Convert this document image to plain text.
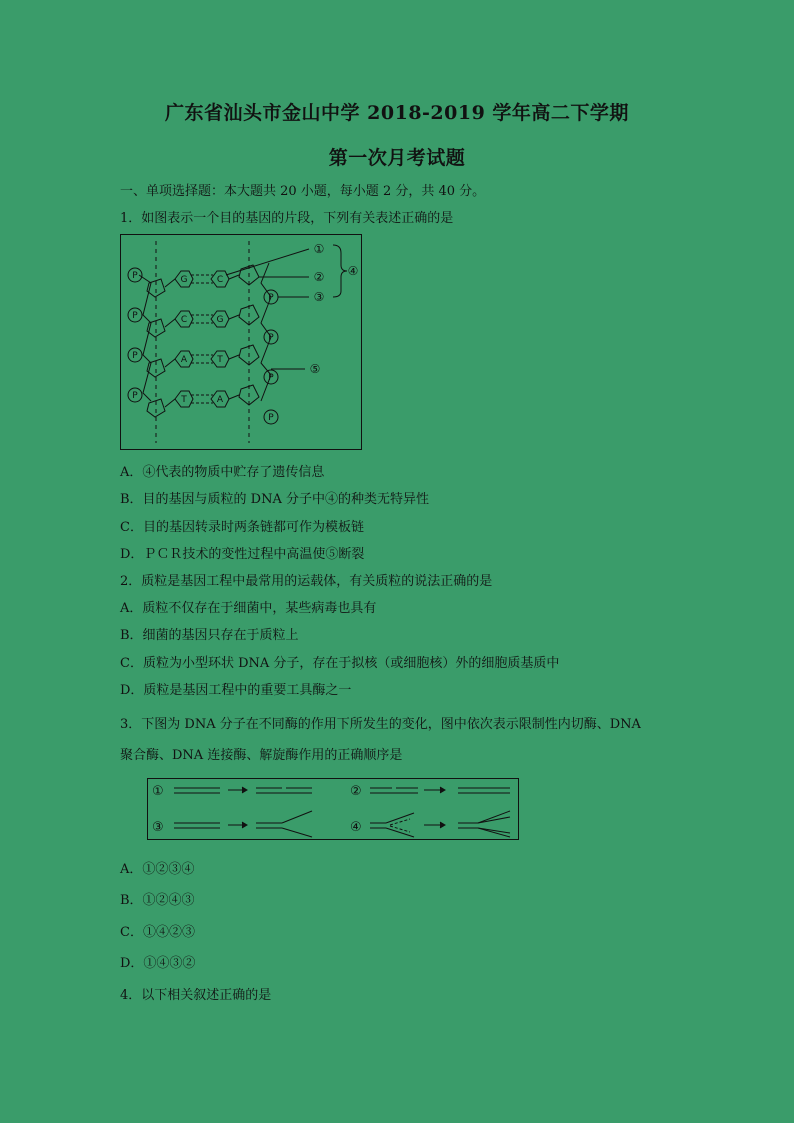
广东省汕头市金山中学 2018-2019 学年高二下学期
第一次月考试题
一、单项选择题：本大题共 20 小题，每小题 2 分，共 40 分。
1．如图表示一个目的基因的片段，下列有关表述正确的是
P
P
P
P
P
P
P
P
G
C
A
T
C
G
T
A
①
②
③
④
⑤
A．④代表的物质中贮存了遗传信息
B．目的基因与质粒的 DNA 分子中④的种类无特异性
C．目的基因转录时两条链都可作为模板链
D．ＰＣＲ技术的变性过程中高温使⑤断裂
2．质粒是基因工程中最常用的运载体，有关质粒的说法正确的是
A．质粒不仅存在于细菌中，某些病毒也具有
B．细菌的基因只存在于质粒上
C．质粒为小型环状 DNA 分子，存在于拟核（或细胞核）外的细胞质基质中
D．质粒是基因工程中的重要工具酶之一
3．下图为 DNA 分子在不同酶的作用下所发生的变化，图中依次表示限制性内切酶、DNA
聚合酶、DNA 连接酶、解旋酶作用的正确顺序是
①	②
③	④
A．①②③④
B．①②④③
C．①④②③
D．①④③②
4．以下相关叙述正确的是
